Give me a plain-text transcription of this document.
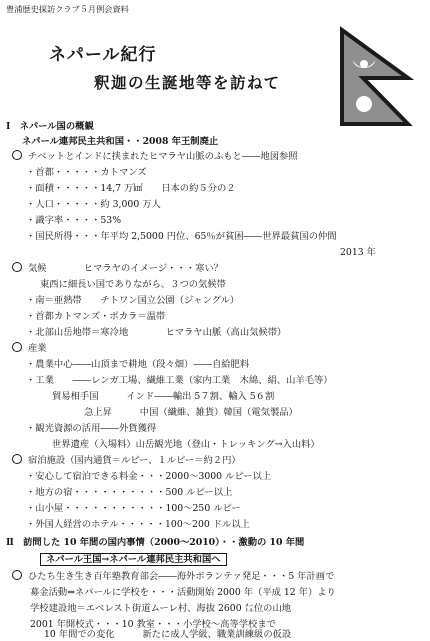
豊浦歴史探訪クラブ５月例会資料
ネパール紀行
釈迦の生誕地等を訪ねて
Ⅰ　ネパール国の概観
ネパール連邦民主共和国・・2008 年王制廃止
チベットとインドに挟まれたヒマラヤ山脈のふもと――地図参照
・首都・・・・・カトマンズ
・面積・・・・・14,7 万㎢　　日本の約５分の２
・人口・・・・・約 3,000 万人
・識字率・・・・53%
・国民所得・・・年平均 2,5000 円位、65％が貧困――世界最貧国の仲間
2013 年
気候　　　　ヒマラヤのイメージ・・・寒い？
東西に細長い国でありながら、３つの気候帯
・南＝亜熱帯　　チトワン国立公園（ジャングル）
・首都カトマンズ・ポカラ＝温帯
・北部山岳地帯＝寒冷地　　　　ヒマラヤ山脈（高山気候帯）
産業
・農業中心――山頂まで耕地（段々畑）――自給肥料
・工業　　――レンガ工場、繊維工業（家内工業　木綿、絹、山羊毛等）
貿易相手国　　　インド――輸出 5７割、輸入 5６割
急上昇　　　中国（繊維、雑貨）韓国（電気製品）
・観光資源の活用――外貨獲得
世界遺産（入場料）山岳観光地（登山・トレッキング→入山料）
宿泊施設（国内通貨＝ルピー、１ルピー＝約２円）
・安心して宿泊できる料金・・・2000～3000 ルピー以上
・地方の宿・・・・・・・・・・500 ルピー以上
・山小屋・・・・・・・・・・・100～250 ルピー
・外国人経営のホテル・・・・・100～200 ドル以上
Ⅱ　訪問した 10 年間の国内事情（2000～2010）・・激動の 10 年間
ネパール王国→ネパール連邦民主共和国へ
ひたち生き生き百年塾教育部会――海外ボランテァ発足・・・5 年計画で
募金活動⇒ネパールに学校を・・・活動開始 2000 年（平成 12 年）より
学校建設地＝エベレスト街道ムーレ村、海抜 2600 ㍍位の山地
2001 年開校式・・・10 教室・・・小学校～高等学校まで
10 年間での変化　　　新たに成人学級、職業訓練級の仮設
